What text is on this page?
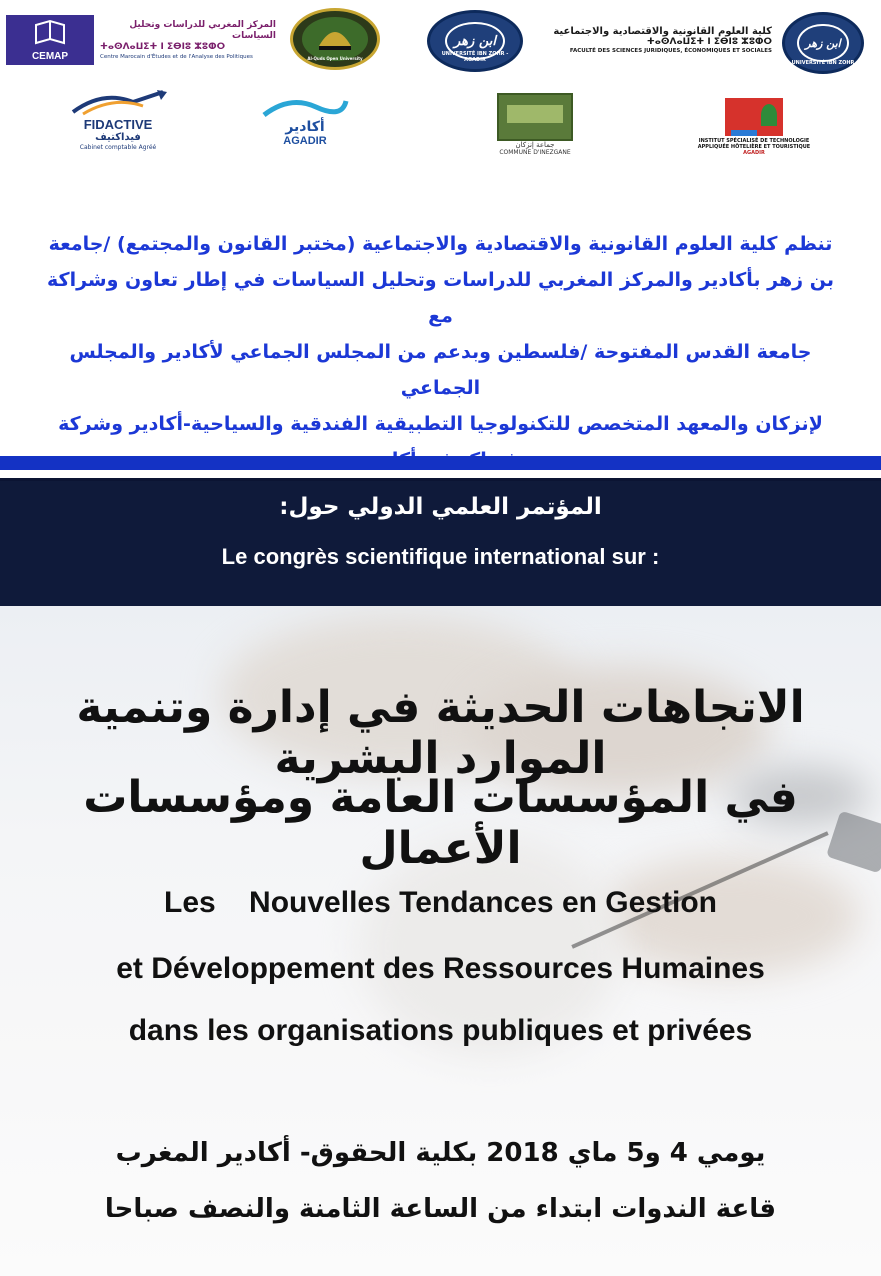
CEMAP
المركز المغربي للدراسات وتحليل السياسات
ⵜⴰⵙⴷⴰⵡⵉⵜ ⵏ ⵉⴱⵏⵓ ⵣⵓⵀⵔ
Centre Marocain d'Études et de l'Analyse des Politiques	Al-Quds Open University
UNIVERSITÉ IBN ZOHR - AGADIR
ابن زهر
كلية العلوم القانونية والاقتصادية والاجتماعية
ⵜⴰⵙⴷⴰⵡⵉⵜ ⵏ ⵉⴱⵏⵓ ⵣⵓⵀⵔ
FACULTÉ DES SCIENCES JURIDIQUES, ÉCONOMIQUES ET SOCIALES
UNIVERSITÉ IBN ZOHR
ابن زهر
FIDACTIVE
فيداكتيف
Cabinet comptable Agréé
أكادير
AGADIR	جماعة إنزكان
COMMUNE D'INEZGANE
INSTITUT SPÉCIALISÉ DE TECHNOLOGIE APPLIQUÉE HÔTELIÈRE ET TOURISTIQUE
AGADIR
تنظم كلية العلوم القانونية والاقتصادية والاجتماعية (مختبر القانون والمجتمع) /جامعة
بن زهر بأكادير والمركز المغربي للدراسات وتحليل السياسات في إطار تعاون وشراكة مع
جامعة القدس المفتوحة /فلسطين وبدعم من المجلس الجماعي لأكادير والمجلس الجماعي
لإنزكان والمعهد المتخصص للتكنولوجيا التطبيقية الفندقية والسياحية-أكادير وشركة
المؤتمر العلمي الدولي حول:
Le congrès scientifique international sur :
الاتجاهات الحديثة في إدارة وتنمية الموارد البشرية
في المؤسسات العامة ومؤسسات الأعمال
Les    Nouvelles Tendances en Gestion
et Développement des Ressources Humaines
dans les organisations publiques et privées
يومي 4 و5 ماي 2018 بكلية الحقوق- أكادير المغرب
قاعة الندوات ابتداء من الساعة الثامنة والنصف صباحا
